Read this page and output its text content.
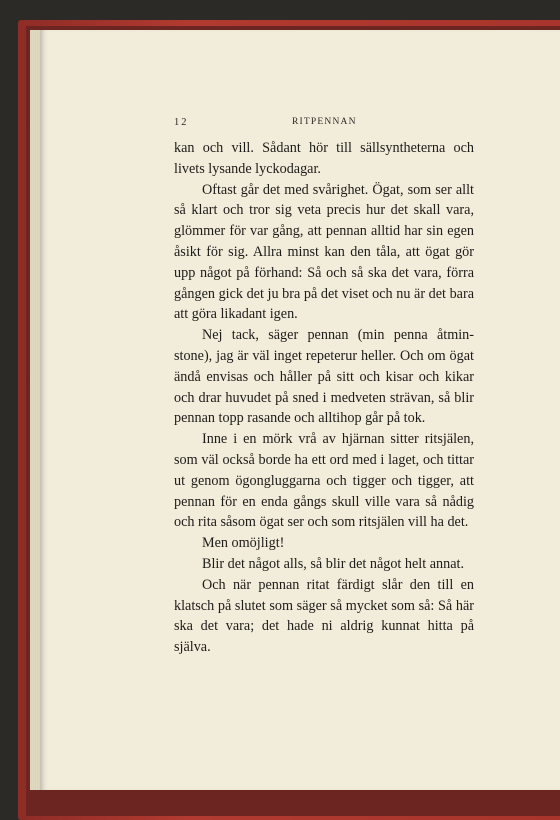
12	RITPENNAN

kan och vill. Sådant hör till sällsyntheterna och livets lysande lyckodagar.

Oftast går det med svårighet. Ögat, som ser allt så klart och tror sig veta precis hur det skall vara, glömmer för var gång, att pennan alltid har sin egen åsikt för sig. Allra minst kan den tåla, att ögat gör upp något på förhand: Så och så ska det vara, förra gången gick det ju bra på det viset och nu är det bara att göra likadant igen.

Nej tack, säger pennan (min penna åtmin-stone), jag är väl inget repeterur heller. Och om ögat ändå envisas och håller på sitt och kisar och kikar och drar huvudet på sned i medveten strävan, så blir pennan topp rasande och alltihop går på tok.

Inne i en mörk vrå av hjärnan sitter ritsjälen, som väl också borde ha ett ord med i laget, och tittar ut genom ögongluggarna och tigger och tigger, att pennan för en enda gångs skull ville vara så nådig och rita såsom ögat ser och som ritsjälen vill ha det.

Men omöjligt!

Blir det något alls, så blir det något helt annat.

Och när pennan ritat färdigt slår den till en klatsch på slutet som säger så mycket som så: Så här ska det vara; det hade ni aldrig kunnat hitta på själva.
